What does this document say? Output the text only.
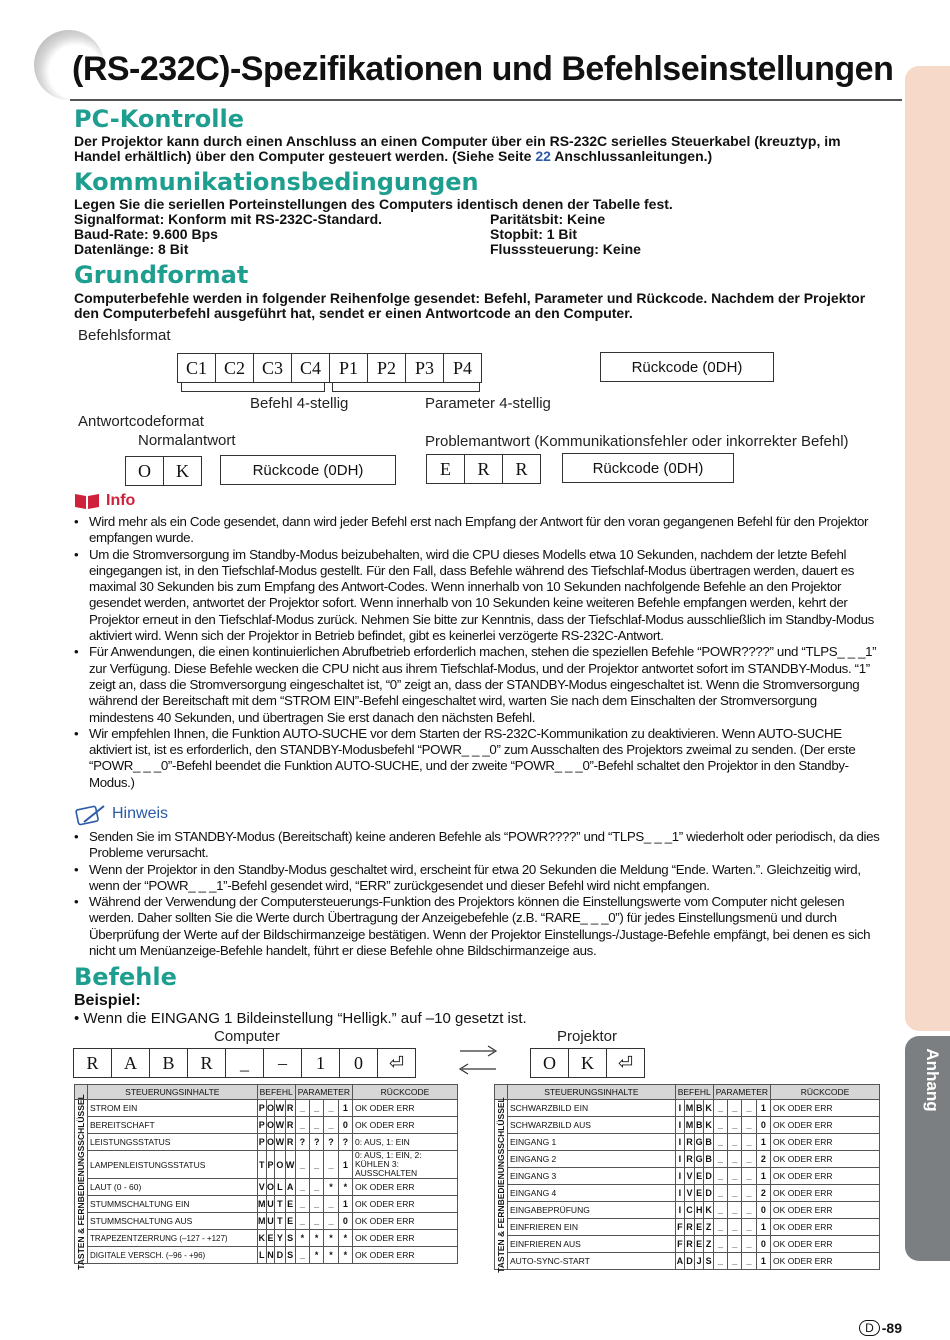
Anhang
(RS-232C)-Spezifikationen und Befehlseinstellungen
PC-Kontrolle
Der Projektor kann durch einen Anschluss an einen Computer über ein RS-232C serielles Steuerkabel (kreuztyp, im Handel erhältlich) über den Computer gesteuert werden. (Siehe Seite 22 Anschlussanleitungen.)
Kommunikationsbedingungen
Legen Sie die seriellen Porteinstellungen des Computers identisch denen der Tabelle fest.
Signalformat: Konform mit RS-232C-Standard.
Baud-Rate: 9.600 Bps
Datenlänge: 8 Bit
Paritätsbit: Keine
Stopbit: 1 Bit
Flusssteuerung: Keine
Grundformat
Computerbefehle werden in folgender Reihenfolge gesendet: Befehl, Parameter und Rückcode. Nachdem der Projektor den Computerbefehl ausgeführt hat, sendet er einen Antwortcode an den Computer.
Befehlsformat
C1 C2 C3 C4 P1	P2	P3	P4	Rückcode (0DH)
Befehl 4-stellig	Parameter 4-stellig
Antwortcodeformat
Normalantwort	Problemantwort (Kommunikationsfehler oder inkorrekter Befehl)
O	K	Rückcode (0DH)	E	R	R	Rückcode (0DH)
Info
• Wird mehr als ein Code gesendet, dann wird jeder Befehl erst nach Empfang der Antwort für den voran gegangenen Befehl für den Projektor empfangen wurde.
• Um die Stromversorgung im Standby-Modus beizubehalten, wird die CPU dieses Modells etwa 10 Sekunden, nachdem der letzte Befehl eingegangen ist, in den Tiefschlaf-Modus gestellt. Für den Fall, dass Befehle während des Tiefschlaf-Modus übertragen werden, dauert es maximal 30 Sekunden bis zum Empfang des Antwort-Codes. Wenn innerhalb von 10 Sekunden nachfolgende Befehle an den Projektor gesendet werden, antwortet der Projektor sofort. Wenn innerhalb von 10 Sekunden keine weiteren Befehle empfangen werden, kehrt der Projektor erneut in den Tiefschlaf-Modus zurück. Nehmen Sie bitte zur Kenntnis, dass der Tiefschlaf-Modus ausschließlich im Standby-Modus aktiviert wird. Wenn sich der Projektor in Betrieb befindet, gibt es keinerlei verzögerte RS-232C-Antwort.
• Für Anwendungen, die einen kontinuierlichen Abrufbetrieb erforderlich machen, stehen die speziellen Befehle “POWR????” und “TLPS_ _ _1” zur Verfügung. Diese Befehle wecken die CPU nicht aus ihrem Tiefschlaf-Modus, und der Projektor antwortet sofort im STANDBY-Modus. “1” zeigt an, dass die Stromversorgung eingeschaltet ist, “0” zeigt an, dass der STANDBY-Modus eingeschaltet ist. Wenn die Stromversorgung während der Bereitschaft mit dem “STROM EIN”-Befehl eingeschaltet wird, warten Sie nach dem Einschalten der Stromversorgung mindestens 40 Sekunden, und übertragen Sie erst danach den nächsten Befehl.
• Wir empfehlen Ihnen, die Funktion AUTO-SUCHE vor dem Starten der RS-232C-Kommunikation zu deaktivieren. Wenn AUTO-SUCHE aktiviert ist, ist es erforderlich, den STANDBY-Modusbefehl “POWR_ _ _0” zum Ausschalten des Projektors zweimal zu senden. (Der erste “POWR_ _ _0”-Befehl beendet die Funktion AUTO-SUCHE, und der zweite “POWR_ _ _0”-Befehl schaltet den Projektor in den Standby-Modus.)
Hinweis
• Senden Sie im STANDBY-Modus (Bereitschaft) keine anderen Befehle als “POWR????” und “TLPS_ _ _1” wiederholt oder periodisch, da dies Probleme verursacht.
• Wenn der Projektor in den Standby-Modus geschaltet wird, erscheint für etwa 20 Sekunden die Meldung “Ende. Warten.”. Gleichzeitig wird, wenn der “POWR_ _ _1”-Befehl gesendet wird, “ERR” zurückgesendet und dieser Befehl wird nicht empfangen.
• Während der Verwendung der Computersteuerungs-Funktion des Projektors können die Einstellungswerte vom Computer nicht gelesen werden. Daher sollten Sie die Werte durch Übertragung der Anzeigebefehle (z.B. “RARE_ _ _0”) für jedes Einstellungsmenü und durch Überprüfung der Werte auf der Bildschirmanzeige bestätigen. Wenn der Projektor Einstellungs-/Justage-Befehle empfängt, bei denen es sich nicht um Menüanzeige-Befehle handelt, führt er diese Befehle ohne Bildschirmanzeige aus.
Befehle
Beispiel:
• Wenn die EINGANG 1 Bildeinstellung “Helligk.” auf –10 gesetzt ist.
Computer	Projektor
R	A	B	R	_	–	1	0	⏎	O	K	⏎
	STEUERUNGSINHALTE	BEFEHL				PARAMETER				RÜCKCODE

TASTEN & FERNBEDIENUNGSSCHLÜSSEL	STROM EIN	P	O	W	R	_	_	_	1	OK ODER ERR
	BEREITSCHAFT	P	O	W	R	_	_	_	0	OK ODER ERR
	LEISTUNGSSTATUS	P	O	W	R	?	?	?	?	0: AUS, 1: EIN
	LAMPENLEISTUNGSSTATUS	T	P	O	W	_	_	_	1	0: AUS, 1: EIN, 2: KÜHLEN 3: AUSSCHALTEN
	LAUT (0 - 60)	V	O	L	A	_	_	*	*	OK ODER ERR
	STUMMSCHALTUNG EIN	M	U	T	E	_	_	_	1	OK ODER ERR
	STUMMSCHALTUNG AUS	M	U	T	E	_	_	_	0	OK ODER ERR
	TRAPEZENTZERRUNG (–127 - +127)	K	E	Y	S	*	*	*	*	OK ODER ERR
	DIGITALE VERSCH. (–96 - +96)	L	N	D	S	_	*	*	*	OK ODER ERR
	STEUERUNGSINHALTE	BEFEHL				PARAMETER				RÜCKCODE

TASTEN & FERNBEDIENUNGSSCHLÜSSEL	SCHWARZBILD EIN	I	M	B	K	_	_	_	1	OK ODER ERR
	SCHWARZBILD AUS	I	M	B	K	_	_	_	0	OK ODER ERR
	EINGANG 1	I	R	G	B	_	_	_	1	OK ODER ERR
	EINGANG 2	I	R	G	B	_	_	_	2	OK ODER ERR
	EINGANG 3	I	V	E	D	_	_	_	1	OK ODER ERR
	EINGANG 4	I	V	E	D	_	_	_	2	OK ODER ERR
	EINGABEPRÜFUNG	I	C	H	K	_	_	_	0	OK ODER ERR
	EINFRIEREN EIN	F	R	E	Z	_	_	_	1	OK ODER ERR
	EINFRIEREN AUS	F	R	E	Z	_	_	_	0	OK ODER ERR
	AUTO-SYNC-START	A	D	J	S	_	_	_	1	OK ODER ERR
D -89
